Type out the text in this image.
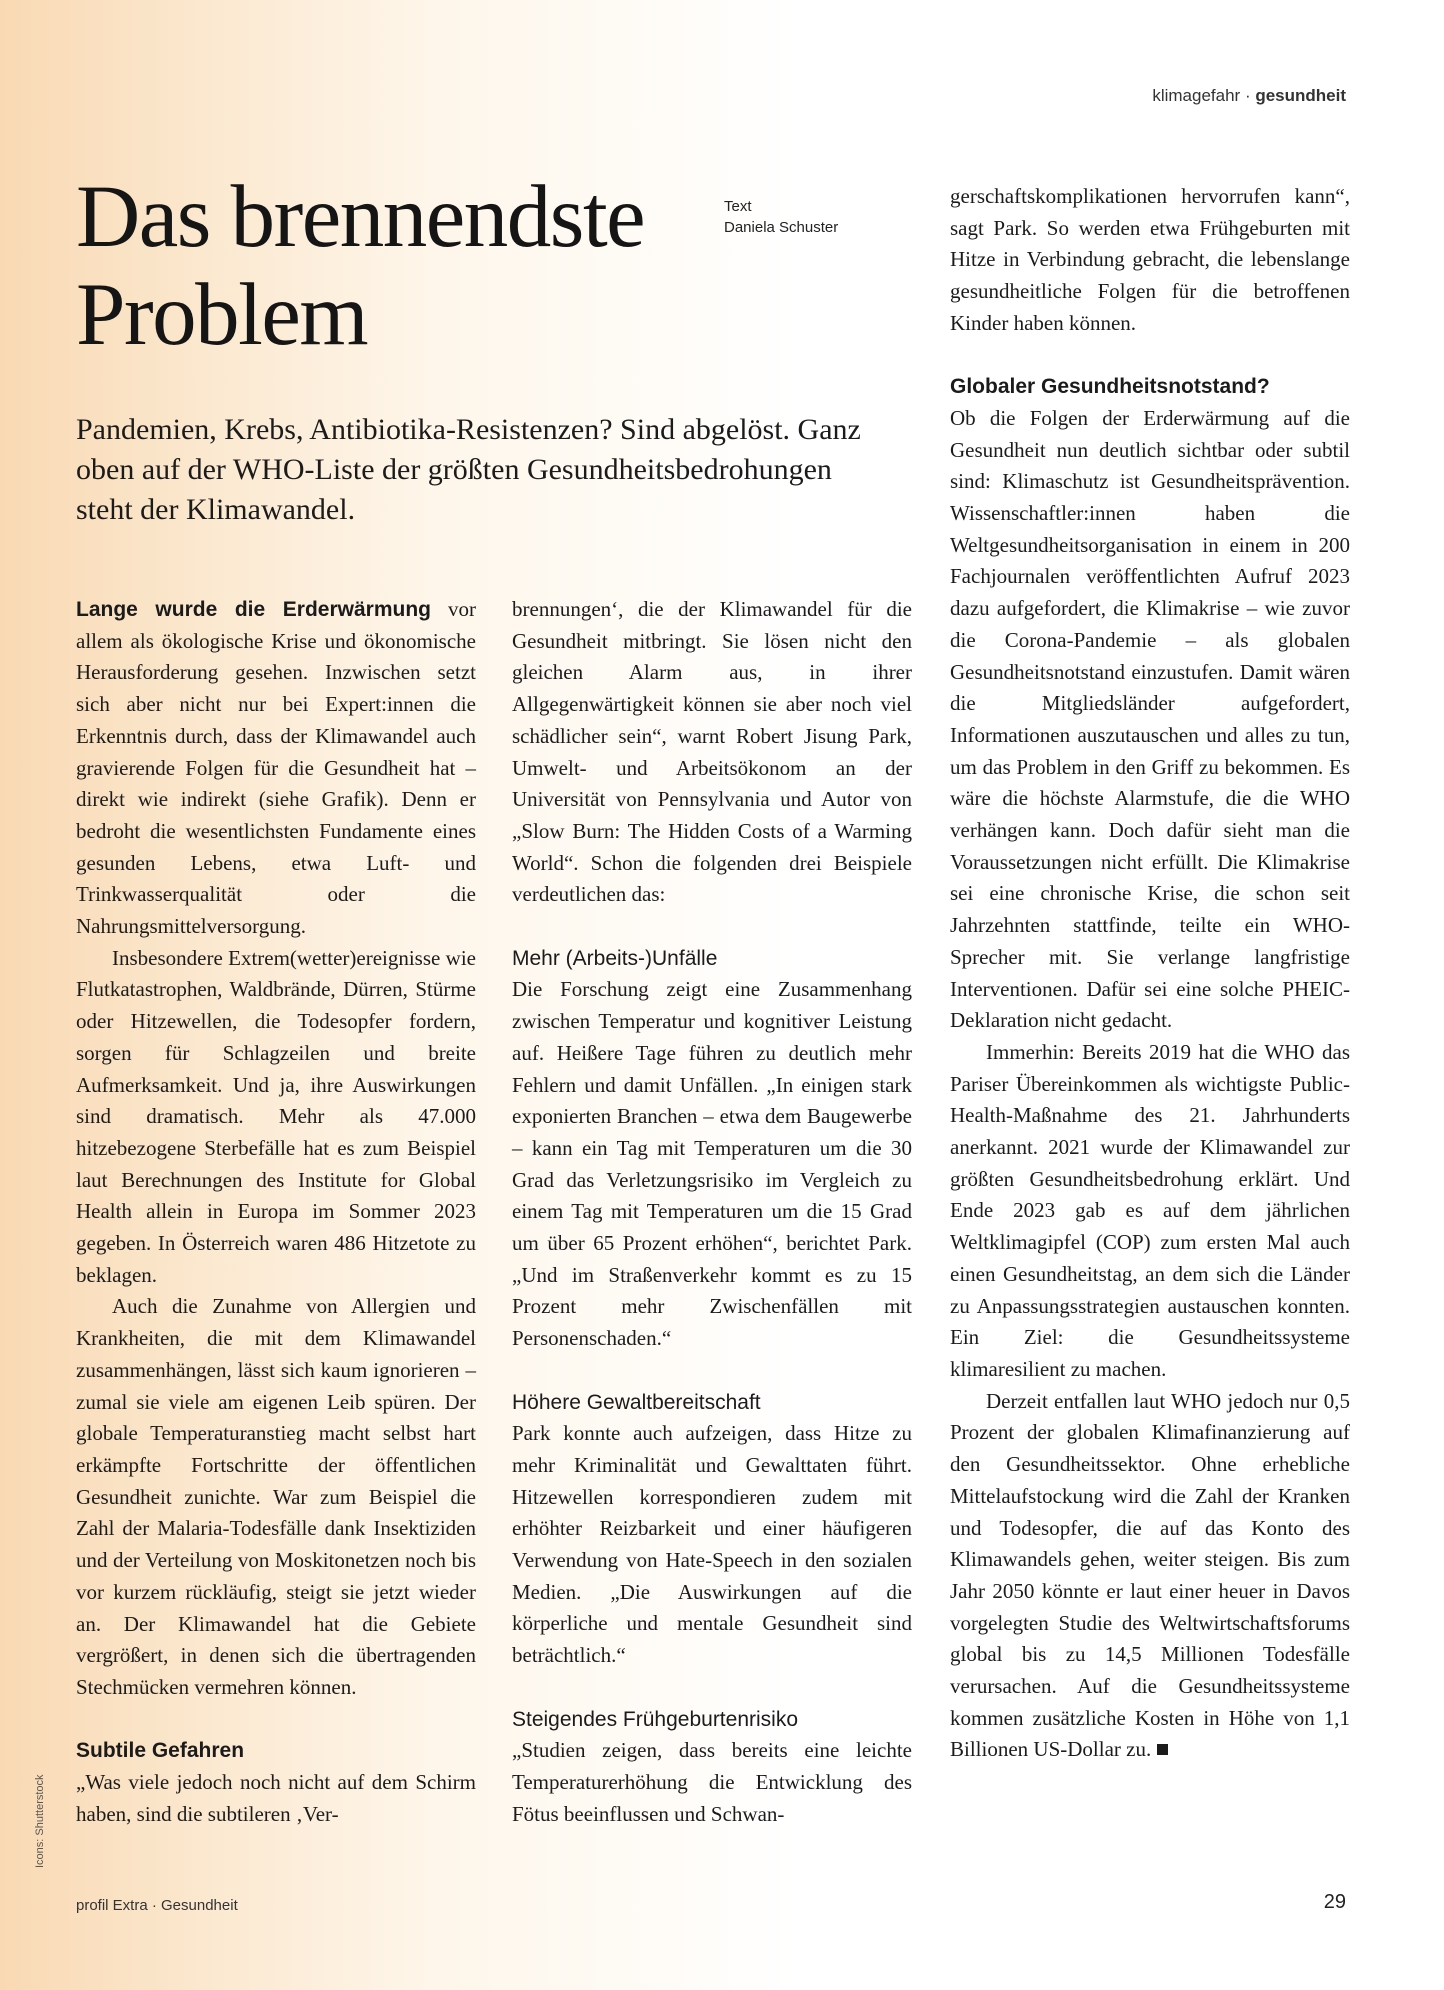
klimagefahr · gesundheit
Das brennendste Problem
Text
Daniela Schuster

Pandemien, Krebs, Antibiotika-Resistenzen? Sind abgelöst. Ganz oben auf der WHO-Liste der größten Gesundheitsbedrohungen steht der Klimawandel.

Lange wurde die Erderwärmung vor allem als ökologische Krise und ökonomische Herausforderung gesehen. Inzwischen setzt sich aber nicht nur bei Expert:innen die Erkenntnis durch, dass der Klimawandel auch gravierende Folgen für die Gesundheit hat – direkt wie indirekt (siehe Grafik). Denn er bedroht die wesentlichsten Fundamente eines gesunden Lebens, etwa Luft- und Trinkwasserqualität oder die Nahrungsmittelversorgung.

Insbesondere Extrem(wetter)ereignisse wie Flutkatastrophen, Waldbrände, Dürren, Stürme oder Hitzewellen, die Todesopfer fordern, sorgen für Schlagzeilen und breite Aufmerksamkeit. Und ja, ihre Auswirkungen sind dramatisch. Mehr als 47.000 hitzebezogene Sterbefälle hat es zum Beispiel laut Berechnungen des Institute for Global Health allein in Europa im Sommer 2023 gegeben. In Österreich waren 486 Hitzetote zu beklagen.

Auch die Zunahme von Allergien und Krankheiten, die mit dem Klimawandel zusammenhängen, lässt sich kaum ignorieren – zumal sie viele am eigenen Leib spüren. Der globale Temperaturanstieg macht selbst hart erkämpfte Fortschritte der öffentlichen Gesundheit zunichte. War zum Beispiel die Zahl der Malaria-Todesfälle dank Insektiziden und der Verteilung von Moskitonetzen noch bis vor kurzem rückläufig, steigt sie jetzt wieder an. Der Klimawandel hat die Gebiete vergrößert, in denen sich die übertragenden Stechmücken vermehren können.

Subtile Gefahren

„Was viele jedoch noch nicht auf dem Schirm haben, sind die subtileren ‚Ver-

brennungen‘, die der Klimawandel für die Gesundheit mitbringt. Sie lösen nicht den gleichen Alarm aus, in ihrer Allgegenwärtigkeit können sie aber noch viel schädlicher sein“, warnt Robert Jisung Park, Umwelt- und Arbeitsökonom an der Universität von Pennsylvania und Autor von „Slow Burn: The Hidden Costs of a Warming World“. Schon die folgenden drei Beispiele verdeutlichen das:

Mehr (Arbeits-)Unfälle

Die Forschung zeigt eine Zusammenhang zwischen Temperatur und kognitiver Leistung auf. Heißere Tage führen zu deutlich mehr Fehlern und damit Unfällen. „In einigen stark exponierten Branchen – etwa dem Baugewerbe – kann ein Tag mit Temperaturen um die 30 Grad das Verletzungsrisiko im Vergleich zu einem Tag mit Temperaturen um die 15 Grad um über 65 Prozent erhöhen“, berichtet Park. „Und im Straßenverkehr kommt es zu 15 Prozent mehr Zwischenfällen mit Personenschaden.“

Höhere Gewaltbereitschaft

Park konnte auch aufzeigen, dass Hitze zu mehr Kriminalität und Gewalttaten führt. Hitzewellen korrespondieren zudem mit erhöhter Reizbarkeit und einer häufigeren Verwendung von Hate-Speech in den sozialen Medien. „Die Auswirkungen auf die körperliche und mentale Gesundheit sind beträchtlich.“

Steigendes Frühgeburtenrisiko

„Studien zeigen, dass bereits eine leichte Temperaturerhöhung die Entwicklung des Fötus beeinflussen und Schwan-

gerschaftskomplikationen hervorrufen kann“, sagt Park. So werden etwa Frühgeburten mit Hitze in Verbindung gebracht, die lebenslange gesundheitliche Folgen für die betroffenen Kinder haben können.

Globaler Gesundheitsnotstand?

Ob die Folgen der Erderwärmung auf die Gesundheit nun deutlich sichtbar oder subtil sind: Klimaschutz ist Gesundheitsprävention. Wissenschaftler:innen haben die Weltgesundheitsorganisation in einem in 200 Fachjournalen veröffentlichten Aufruf 2023 dazu aufgefordert, die Klimakrise – wie zuvor die Corona-Pandemie – als globalen Gesundheitsnotstand einzustufen. Damit wären die Mitgliedsländer aufgefordert, Informationen auszutauschen und alles zu tun, um das Problem in den Griff zu bekommen. Es wäre die höchste Alarmstufe, die die WHO verhängen kann. Doch dafür sieht man die Voraussetzungen nicht erfüllt. Die Klimakrise sei eine chronische Krise, die schon seit Jahrzehnten stattfinde, teilte ein WHO-Sprecher mit. Sie verlange langfristige Interventionen. Dafür sei eine solche PHEIC-Deklaration nicht gedacht.

Immerhin: Bereits 2019 hat die WHO das Pariser Übereinkommen als wichtigste Public-Health-Maßnahme des 21. Jahrhunderts anerkannt. 2021 wurde der Klimawandel zur größten Gesundheitsbedrohung erklärt. Und Ende 2023 gab es auf dem jährlichen Weltklimagipfel (COP) zum ersten Mal auch einen Gesundheitstag, an dem sich die Länder zu Anpassungsstrategien austauschen konnten. Ein Ziel: die Gesundheitssysteme klimaresilient zu machen.

Derzeit entfallen laut WHO jedoch nur 0,5 Prozent der globalen Klimafinanzierung auf den Gesundheitssektor. Ohne erhebliche Mittelaufstockung wird die Zahl der Kranken und Todesopfer, die auf das Konto des Klimawandels gehen, weiter steigen. Bis zum Jahr 2050 könnte er laut einer heuer in Davos vorgelegten Studie des Weltwirtschaftsforums global bis zu 14,5 Millionen Todesfälle verursachen. Auf die Gesundheitssysteme kommen zusätzliche Kosten in Höhe von 1,1 Billionen US-Dollar zu.

profil Extra · Gesundheit	29
Icons: Shutterstock
